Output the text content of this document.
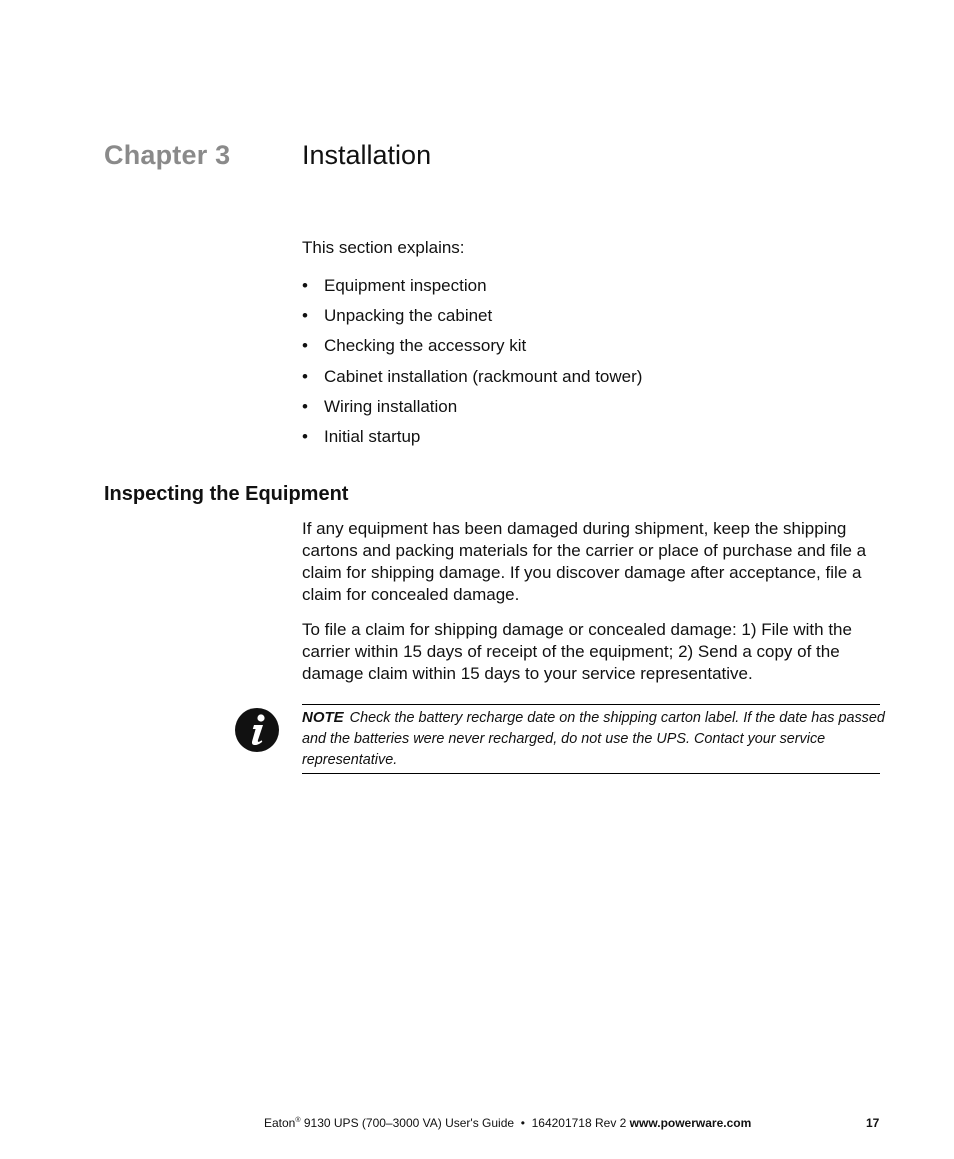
Chapter 3	Installation
This section explains:
• Equipment inspection
• Unpacking the cabinet
• Checking the accessory kit
• Cabinet installation (rackmount and tower)
• Wiring installation
• Initial startup
Inspecting the Equipment

If any equipment has been damaged during shipment, keep the shipping cartons and packing materials for the carrier or place of purchase and file a claim for shipping damage. If you discover damage after acceptance, file a claim for concealed damage.

To file a claim for shipping damage or concealed damage: 1) File with the carrier within 15 days of receipt of the equipment; 2) Send a copy of the damage claim within 15 days to your service representative.

NOTE Check the battery recharge date on the shipping carton label. If the date has passed
and the batteries were never recharged, do not use the UPS. Contact your service
representative.
Eaton® 9130 UPS (700–3000 VA) User's Guide  •  164201718 Rev 2 www.powerware.com	17
